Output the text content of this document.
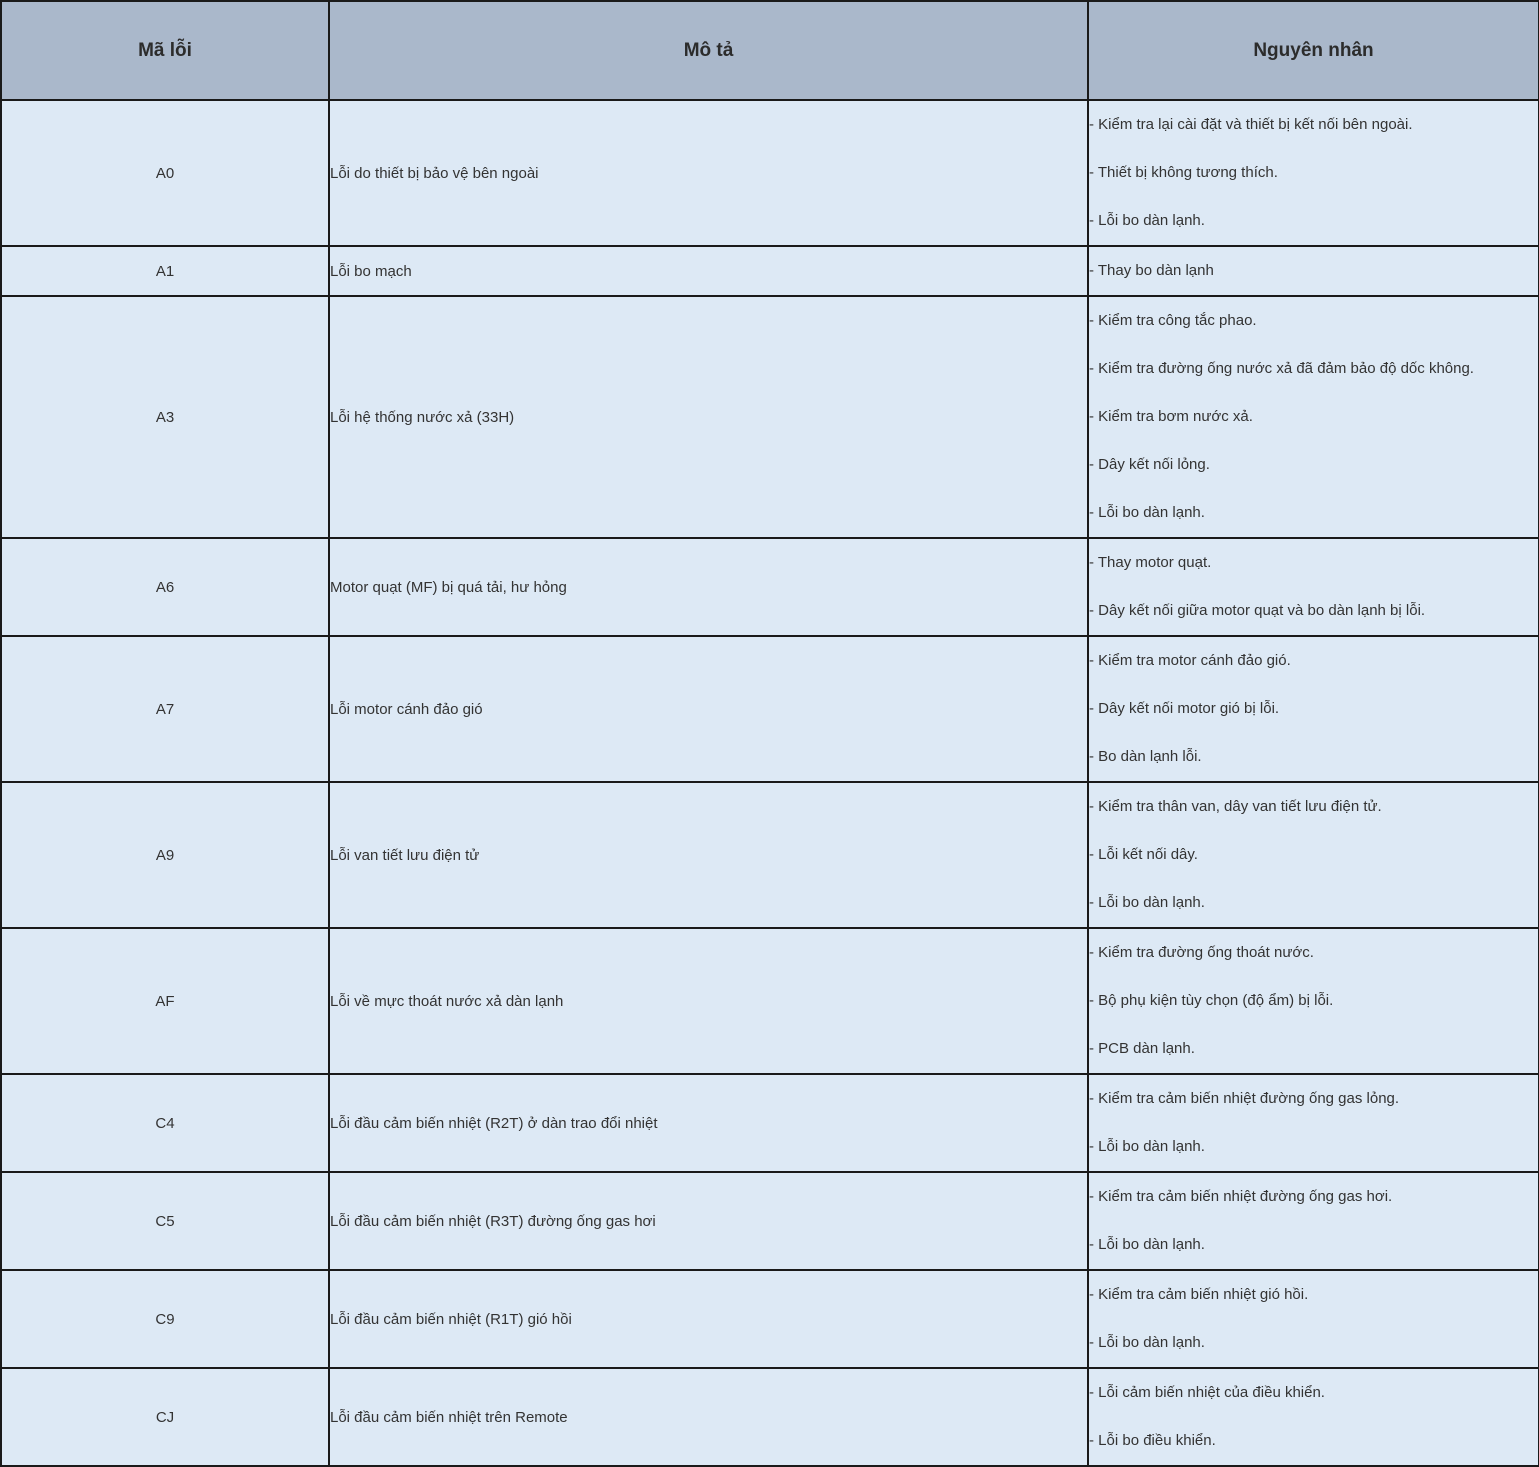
Mã lỗi	Mô tả	Nguyên nhân
A0	Lỗi do thiết bị bảo vệ bên ngoài	- Kiểm tra lại cài đặt và thiết bị kết nối bên ngoài.
- Thiết bị không tương thích.
- Lỗi bo dàn lạnh.

A1	Lỗi bo mạch	- Thay bo dàn lạnh

A3	Lỗi hệ thống nước xả (33H)	- Kiểm tra công tắc phao.
- Kiểm tra đường ống nước xả đã đảm bảo độ dốc không.
- Kiểm tra bơm nước xả.
- Dây kết nối lỏng.
- Lỗi bo dàn lạnh.

A6	Motor quạt (MF) bị quá tải, hư hỏng	- Thay motor quạt.
- Dây kết nối giữa motor quạt và bo dàn lạnh bị lỗi.

A7	Lỗi motor cánh đảo gió	- Kiểm tra motor cánh đảo gió.
- Dây kết nối motor gió bị lỗi.
- Bo dàn lạnh lỗi.

A9	Lỗi van tiết lưu điện tử	- Kiểm tra thân van, dây van tiết lưu điện tử.
- Lỗi kết nối dây.
- Lỗi bo dàn lạnh.

AF	Lỗi về mực thoát nước xả dàn lạnh	- Kiểm tra đường ống thoát nước.
- Bộ phụ kiện tùy chọn (độ ẩm) bị lỗi.
- PCB dàn lạnh.

C4	Lỗi đầu cảm biến nhiệt (R2T) ở dàn trao đổi nhiệt	- Kiểm tra cảm biến nhiệt đường ống gas lỏng.
- Lỗi bo dàn lạnh.

C5	Lỗi đầu cảm biến nhiệt (R3T) đường ống gas hơi	- Kiểm tra cảm biến nhiệt đường ống gas hơi.
- Lỗi bo dàn lạnh.

C9	Lỗi đầu cảm biến nhiệt (R1T) gió hồi	- Kiểm tra cảm biến nhiệt gió hồi.
- Lỗi bo dàn lạnh.

CJ	Lỗi đầu cảm biến nhiệt trên Remote	- Lỗi cảm biến nhiệt của điều khiển.
- Lỗi bo điều khiển.
